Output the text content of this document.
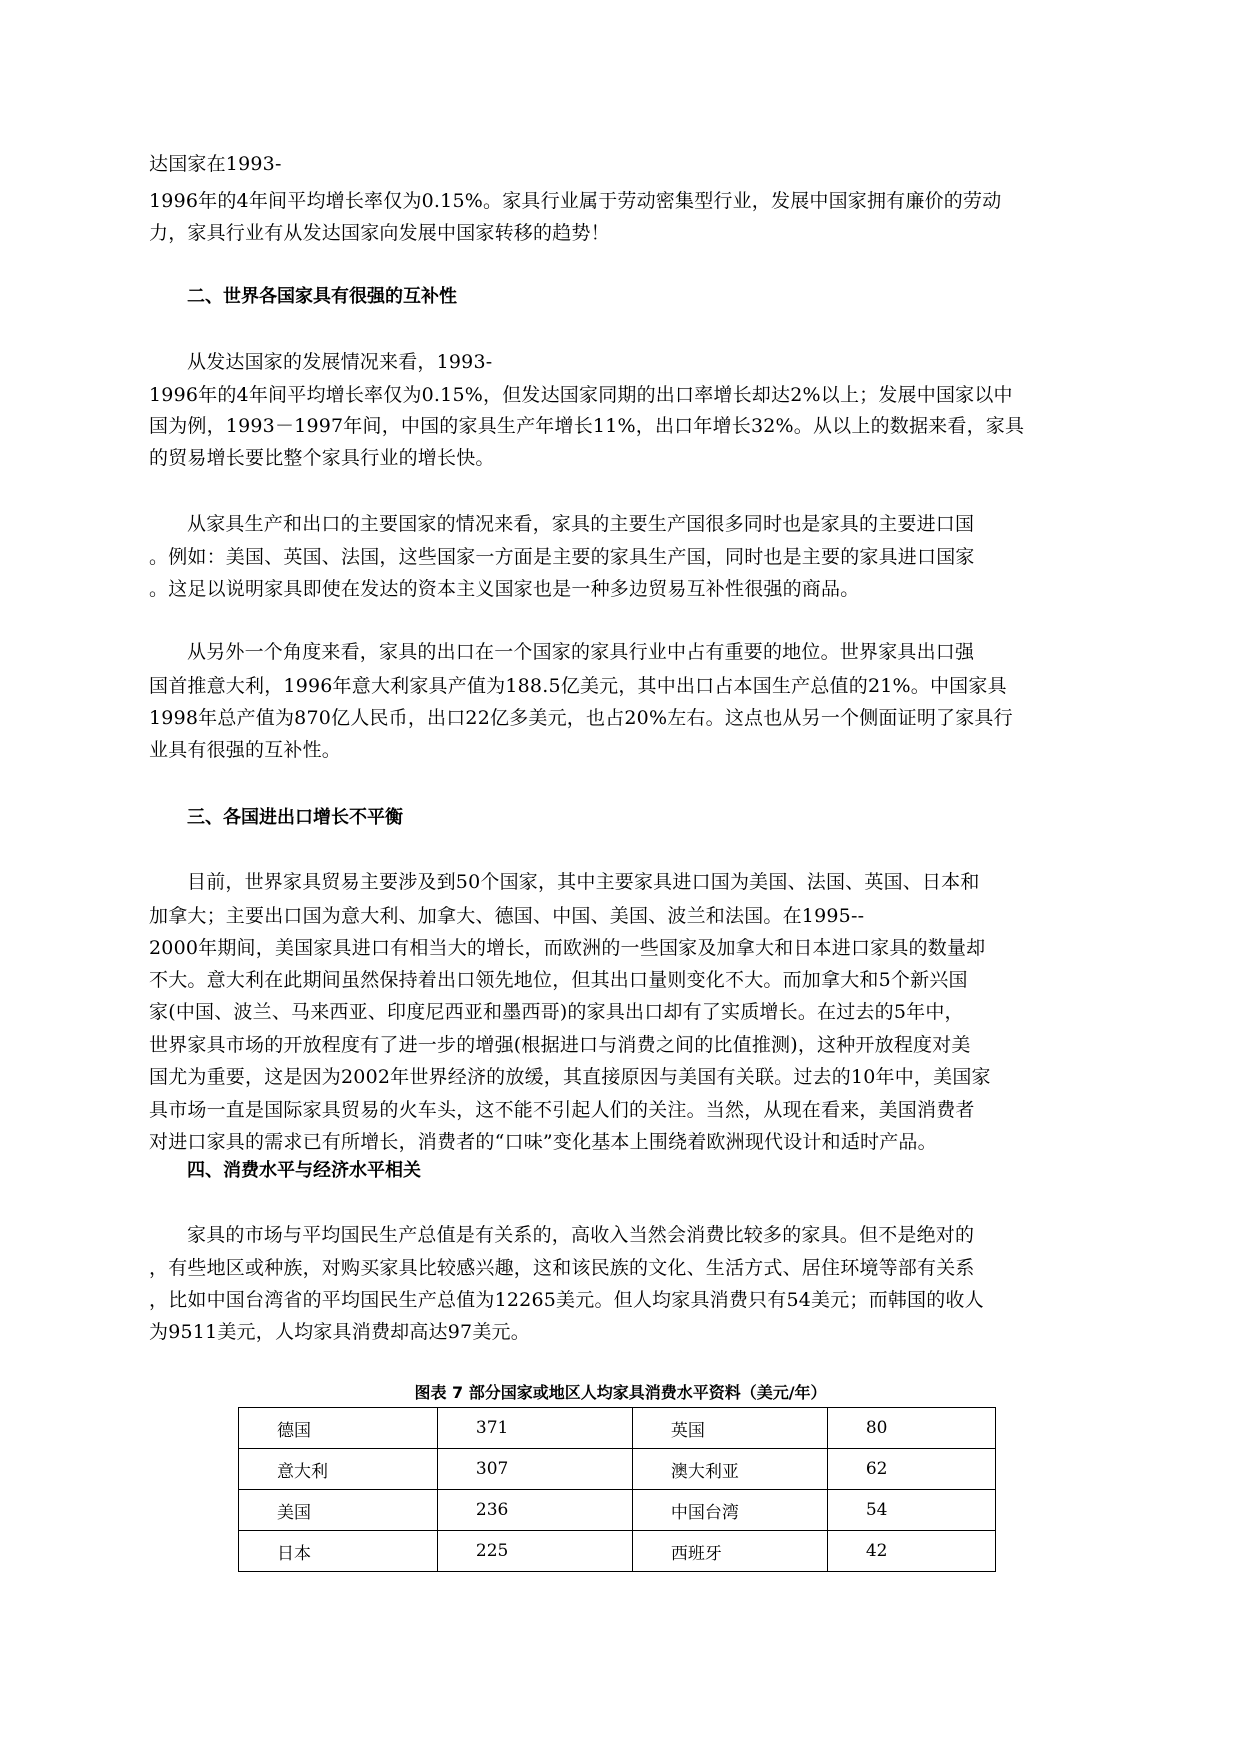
达国家在1993-
1996年的4年间平均增长率仅为0.15%。家具行业属于劳动密集型行业，发展中国家拥有廉价的劳动
力，家具行业有从发达国家向发展中国家转移的趋势！
二、世界各国家具有很强的互补性
从发达国家的发展情况来看，1993-
1996年的4年间平均增长率仅为0.15%，但发达国家同期的出口率增长却达2%以上；发展中国家以中
国为例，1993－1997年间，中国的家具生产年增长11%，出口年增长32%。从以上的数据来看，家具
的贸易增长要比整个家具行业的增长快。
从家具生产和出口的主要国家的情况来看，家具的主要生产国很多同时也是家具的主要进口国
。例如：美国、英国、法国，这些国家一方面是主要的家具生产国，同时也是主要的家具进口国家
。这足以说明家具即使在发达的资本主义国家也是一种多边贸易互补性很强的商品。
从另外一个角度来看，家具的出口在一个国家的家具行业中占有重要的地位。世界家具出口强
国首推意大利，1996年意大利家具产值为188.5亿美元，其中出口占本国生产总值的21%。中国家具
1998年总产值为870亿人民币，出口22亿多美元，也占20%左右。这点也从另一个侧面证明了家具行
业具有很强的互补性。
三、各国进出口增长不平衡
目前，世界家具贸易主要涉及到50个国家，其中主要家具进口国为美国、法国、英国、日本和
加拿大；主要出口国为意大利、加拿大、德国、中国、美国、波兰和法国。在1995--
2000年期间，美国家具进口有相当大的增长，而欧洲的一些国家及加拿大和日本进口家具的数量却
不大。意大利在此期间虽然保持着出口领先地位，但其出口量则变化不大。而加拿大和5个新兴国
家(中国、波兰、马来西亚、印度尼西亚和墨西哥)的家具出口却有了实质增长。在过去的5年中，
世界家具市场的开放程度有了进一步的增强(根据进口与消费之间的比值推测)，这种开放程度对美
国尤为重要，这是因为2002年世界经济的放缓，其直接原因与美国有关联。过去的10年中，美国家
具市场一直是国际家具贸易的火车头，这不能不引起人们的关注。当然，从现在看来，美国消费者
对进口家具的需求已有所增长，消费者的“口味”变化基本上围绕着欧洲现代设计和适时产品。
四、消费水平与经济水平相关
家具的市场与平均国民生产总值是有关系的，高收入当然会消费比较多的家具。但不是绝对的
，有些地区或种族，对购买家具比较感兴趣，这和该民族的文化、生活方式、居住环境等部有关系
，比如中国台湾省的平均国民生产总值为12265美元。但人均家具消费只有54美元；而韩国的收人
为9511美元，人均家具消费却高达97美元。
图表 7 部分国家或地区人均家具消费水平资料（美元/年）
德国	371	英国	80
意大利	307	澳大利亚	62
美国	236	中国台湾	54
日本	225	西班牙	42
